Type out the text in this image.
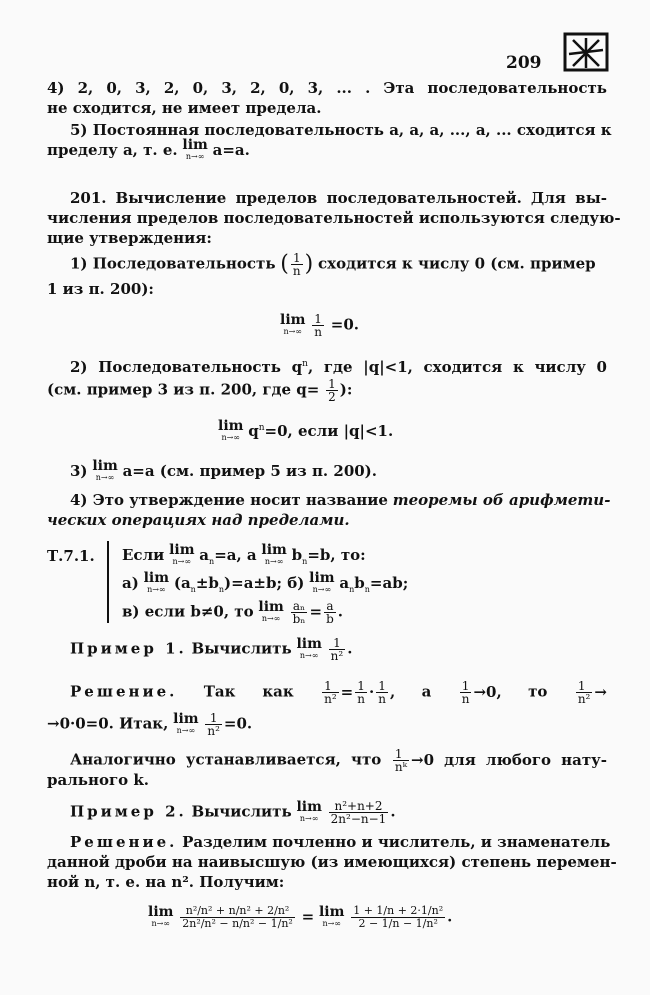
209
4) 2, 0, 3, 2, 0, 3, 2, 0, 3, ... . Эта последовательность
не сходится, не имеет предела.
5) Постоянная последовательность a, a, a, ..., a, ... сходится к
пределу a, т. е. lim
n→∞ a=a.
201. Вычисление пределов последовательностей. Для вы-
числения пределов последовательностей используются следую-
щие утверждения:
1) Последовательность ( $\frac{1}{n}$ ) сходится к числу 0 (см. пример
1 из п. 200):
lim
n→∞
$\frac{1}{n} =0$.
2) Последовательность $q^n$, где |q|<1, сходится к числу 0
(см. пример 3 из п. 200, где $q= \frac{1}{2}$ ):
lim
n→∞ $q^n=0$, если |q|<1.
3) lim
n→∞ a=a (см. пример 5 из п. 200).
4) Это утверждение носит название теоремы об арифмети-
ческих операциях над пределами.
Т.7.1. Если lim
n→∞ $a_n=a$, а lim
n→∞ $b_n=b$, то:
а) lim
n→∞ $(a_n\pm b_n)=a\pm b$; б) lim
n→∞ $a_nb_n=ab$;
в) если b≠0, то lim
n→∞
$\frac{\text{aₙ}}{\text{bₙ}} = \frac{a}{b}$ .
Пример 1. Вычислить lim
n→∞
$\frac{1}{\text{n²}}$ .
Решение. Так как $\frac{1}{\text{n²}} = \frac{1}{n} \cdot \frac{1}{n}$ , а $\frac{1}{n} \to 0$, то $\frac{1}{\text{n²}}$ →
→0·0=0. Итак, lim
n→∞
$\frac{1}{\text{n²}} =0$.
Аналогично устанавливается, что $\frac{1}{\text{nᵏ}} \to 0$ для любого нату-
рального k.
Пример 2. Вычислить lim
n→∞
$\frac{\text{n²+n+2}}{\text{2n²−n−1}}$ .
Решение. Разделим почленно и числитель, и знаменатель
данной дроби на наивысшую (из имеющихся) степень перемен-
ной n, т. е. на n². Получим:
lim
n→∞
$\frac{\text{n²/n² + n/n² + 2/n²}}{\text{2n²/n² − n/n² − 1/n²}} = \lim$
n→∞
$\frac{\text{1 + 1/n + 2·1/n²}}{\text{2 − 1/n − 1/n²}}$ .
